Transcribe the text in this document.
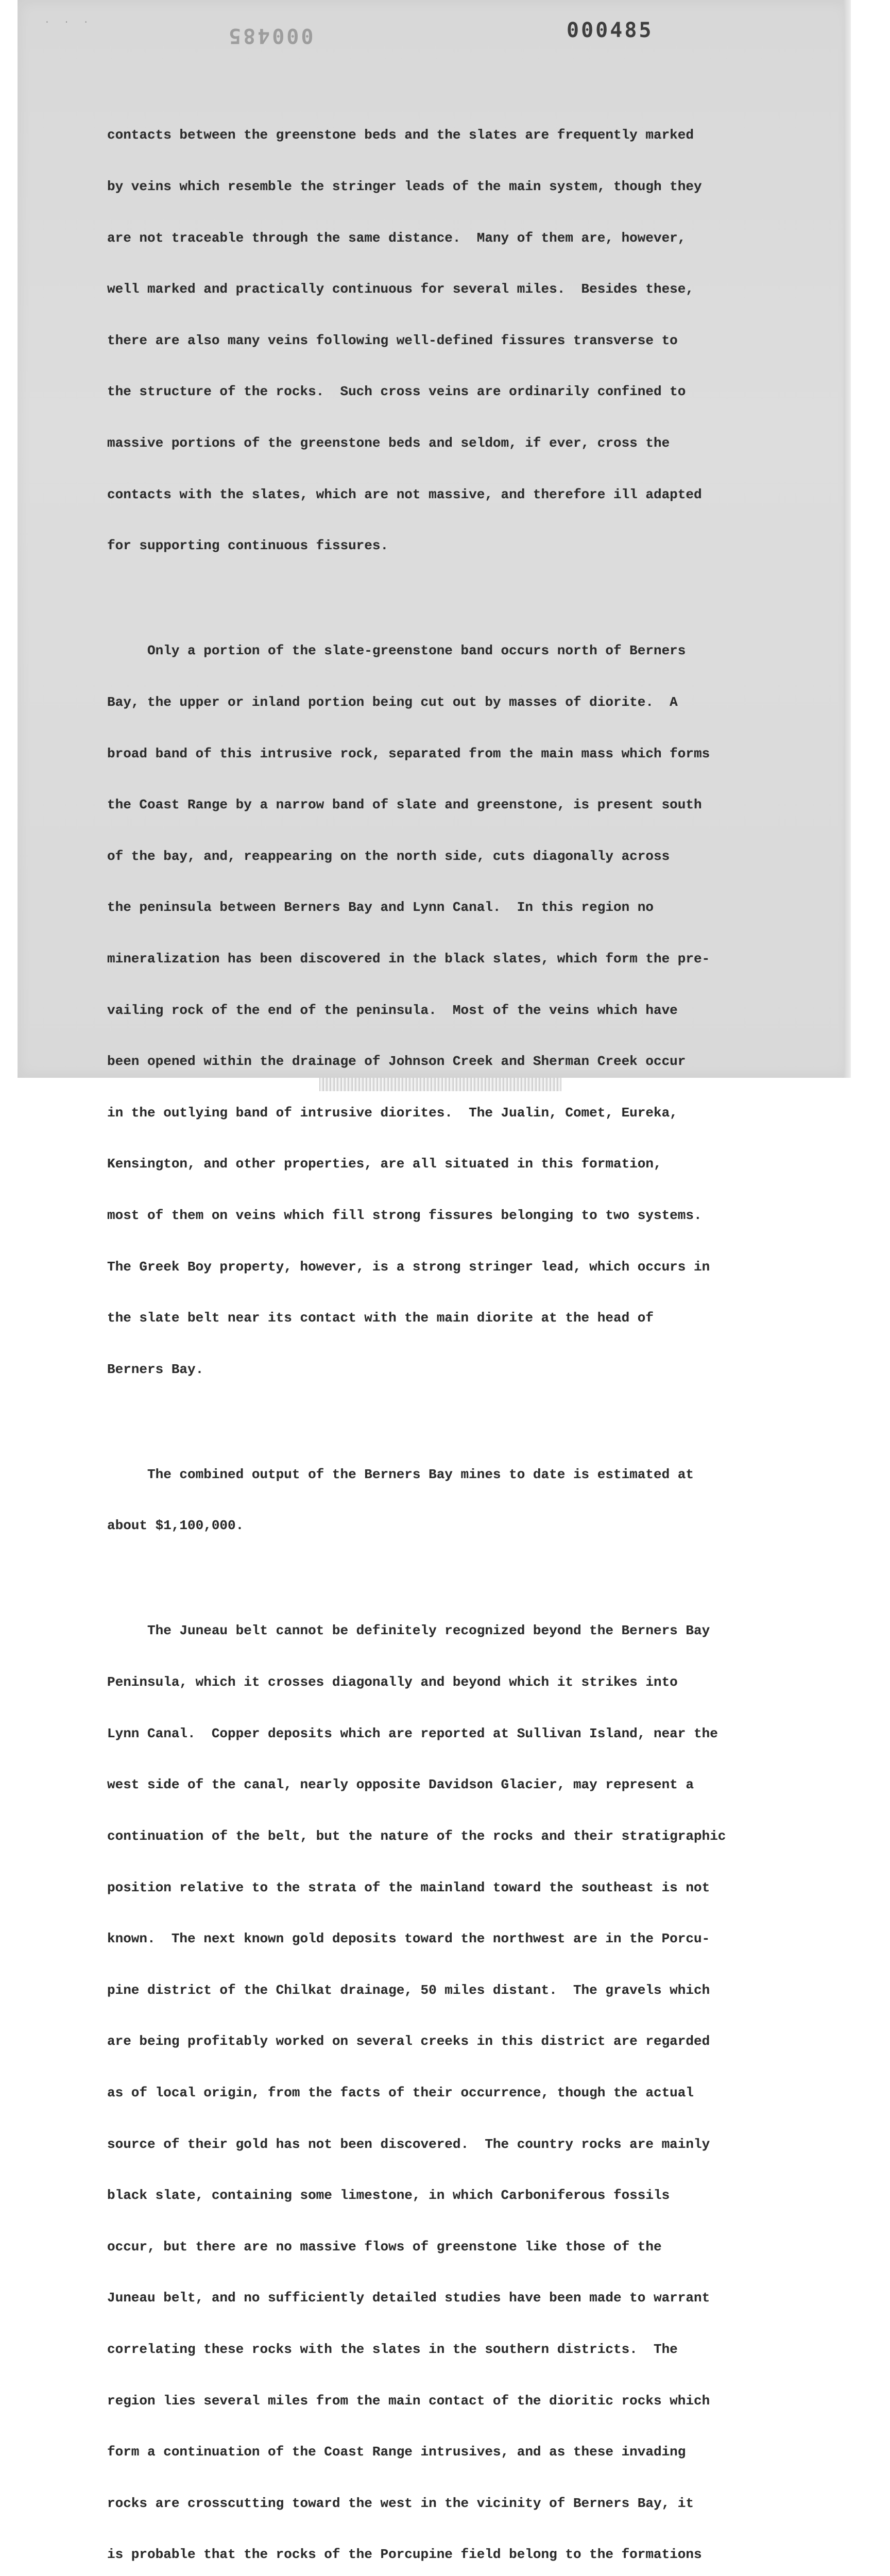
· · ·
000485	000485

contacts between the greenstone beds and the slates are frequently marked

by veins which resemble the stringer leads of the main system, though they

are not traceable through the same distance.  Many of them are, however,

well marked and practically continuous for several miles.  Besides these,

there are also many veins following well-defined fissures transverse to

the structure of the rocks.  Such cross veins are ordinarily confined to

massive portions of the greenstone beds and seldom, if ever, cross the

contacts with the slates, which are not massive, and therefore ill adapted

for supporting continuous fissures.

Only a portion of the slate-greenstone band occurs north of Berners

Bay, the upper or inland portion being cut out by masses of diorite.  A

broad band of this intrusive rock, separated from the main mass which forms

the Coast Range by a narrow band of slate and greenstone, is present south

of the bay, and, reappearing on the north side, cuts diagonally across

the peninsula between Berners Bay and Lynn Canal.  In this region no

mineralization has been discovered in the black slates, which form the pre-

vailing rock of the end of the peninsula.  Most of the veins which have

been opened within the drainage of Johnson Creek and Sherman Creek occur

in the outlying band of intrusive diorites.  The Jualin, Comet, Eureka,

Kensington, and other properties, are all situated in this formation,

most of them on veins which fill strong fissures belonging to two systems.

The Greek Boy property, however, is a strong stringer lead, which occurs in

the slate belt near its contact with the main diorite at the head of

Berners Bay.

The combined output of the Berners Bay mines to date is estimated at

about $1,100,000.

The Juneau belt cannot be definitely recognized beyond the Berners Bay

Peninsula, which it crosses diagonally and beyond which it strikes into

Lynn Canal.  Copper deposits which are reported at Sullivan Island, near the

west side of the canal, nearly opposite Davidson Glacier, may represent a

continuation of the belt, but the nature of the rocks and their stratigraphic

position relative to the strata of the mainland toward the southeast is not

known.  The next known gold deposits toward the northwest are in the Porcu-

pine district of the Chilkat drainage, 50 miles distant.  The gravels which

are being profitably worked on several creeks in this district are regarded

as of local origin, from the facts of their occurrence, though the actual

source of their gold has not been discovered.  The country rocks are mainly

black slate, containing some limestone, in which Carboniferous fossils

occur, but there are no massive flows of greenstone like those of the

Juneau belt, and no sufficiently detailed studies have been made to warrant

correlating these rocks with the slates in the southern districts.  The

region lies several miles from the main contact of the dioritic rocks which

form a continuation of the Coast Range intrusives, and as these invading

rocks are crosscutting toward the west in the vicinity of Berners Bay, it

is probable that the rocks of the Porcupine field belong to the formations
